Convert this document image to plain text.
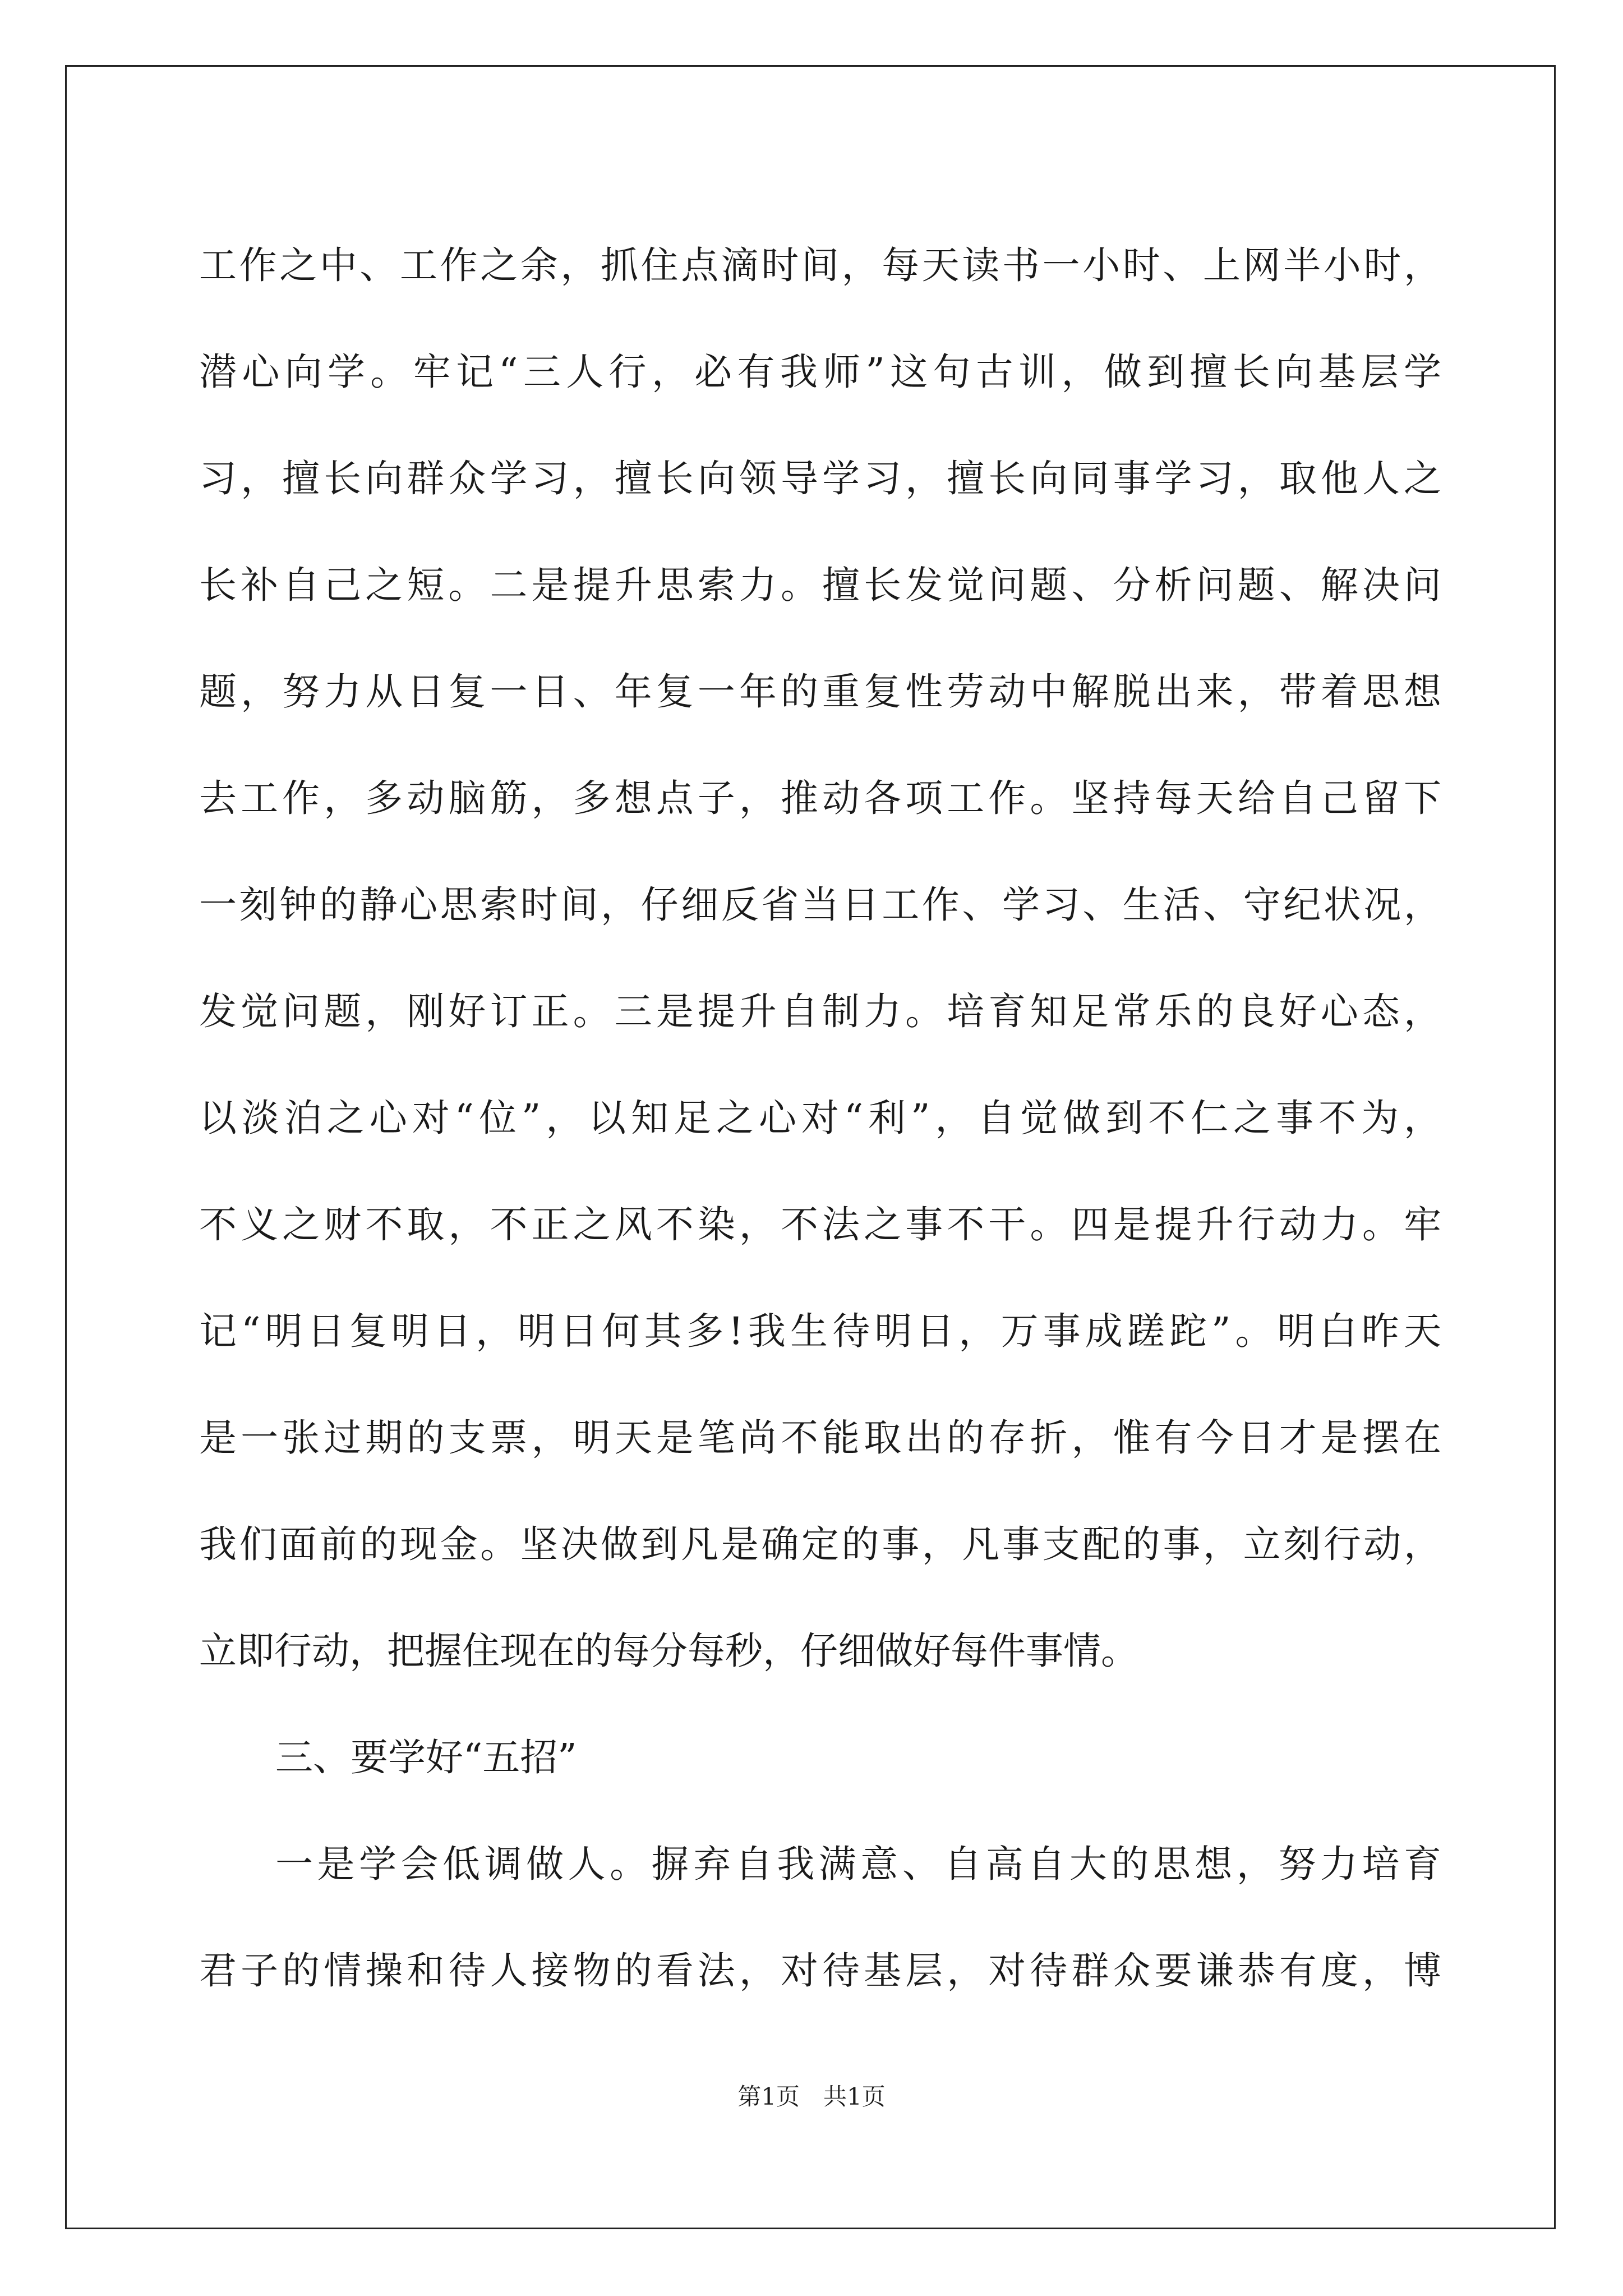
工作之中、工作之余，抓住点滴时间，每天读书一小时、上网半小时，
潜心向学。牢记“三人行，必有我师”这句古训，做到擅长向基层学
习，擅长向群众学习，擅长向领导学习，擅长向同事学习，取他人之
长补自己之短。二是提升思索力。擅长发觉问题、分析问题、解决问
题，努力从日复一日、年复一年的重复性劳动中解脱出来，带着思想
去工作，多动脑筋，多想点子，推动各项工作。坚持每天给自己留下
一刻钟的静心思索时间，仔细反省当日工作、学习、生活、守纪状况，
发觉问题，刚好订正。三是提升自制力。培育知足常乐的良好心态，
以淡泊之心对“位”，以知足之心对“利”，自觉做到不仁之事不为，
不义之财不取，不正之风不染，不法之事不干。四是提升行动力。牢
记“明日复明日，明日何其多!我生待明日，万事成蹉跎”。明白昨天
是一张过期的支票，明天是笔尚不能取出的存折，惟有今日才是摆在
我们面前的现金。坚决做到凡是确定的事，凡事支配的事，立刻行动，
立即行动，把握住现在的每分每秒，仔细做好每件事情。
三、要学好“五招”
一是学会低调做人。摒弃自我满意、自高自大的思想，努力培育
君子的情操和待人接物的看法，对待基层，对待群众要谦恭有度，博
第1页　共1页
